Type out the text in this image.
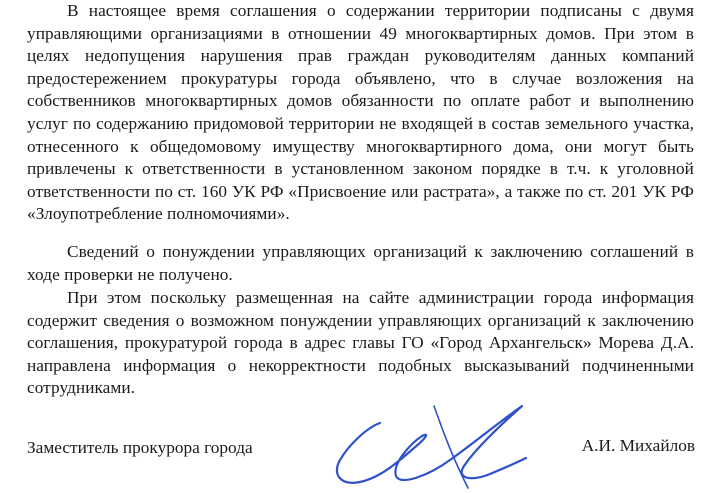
В настоящее время соглашения о содержании территории подписаны с двумя управляющими организациями в отношении 49 многоквартирных домов. При этом в целях недопущения нарушения прав граждан руководителям данных компаний предостережением прокуратуры города объявлено, что в случае возложения на собственников многоквартирных домов обязанности по оплате работ и выполнению услуг по содержанию придомовой территории не входящей в состав земельного участка, отнесенного к общедомовому имуществу многоквартирного дома, они могут быть привлечены к ответственности в установленном законом порядке в т.ч. к уголовной ответственности по ст. 160 УК РФ «Присвоение или растрата», а также по ст. 201 УК РФ «Злоупотребление полномочиями».

Сведений о понуждении управляющих организаций к заключению соглашений в ходе проверки не получено.

При этом поскольку размещенная на сайте администрации города информация содержит сведения о возможном понуждении управляющих организаций к заключению соглашения, прокуратурой города в адрес главы ГО «Город Архангельск» Морева Д.А. направлена информация о некорректности подобных высказываний подчиненными сотрудниками.

Заместитель прокурора города	А.И. Михайлов
